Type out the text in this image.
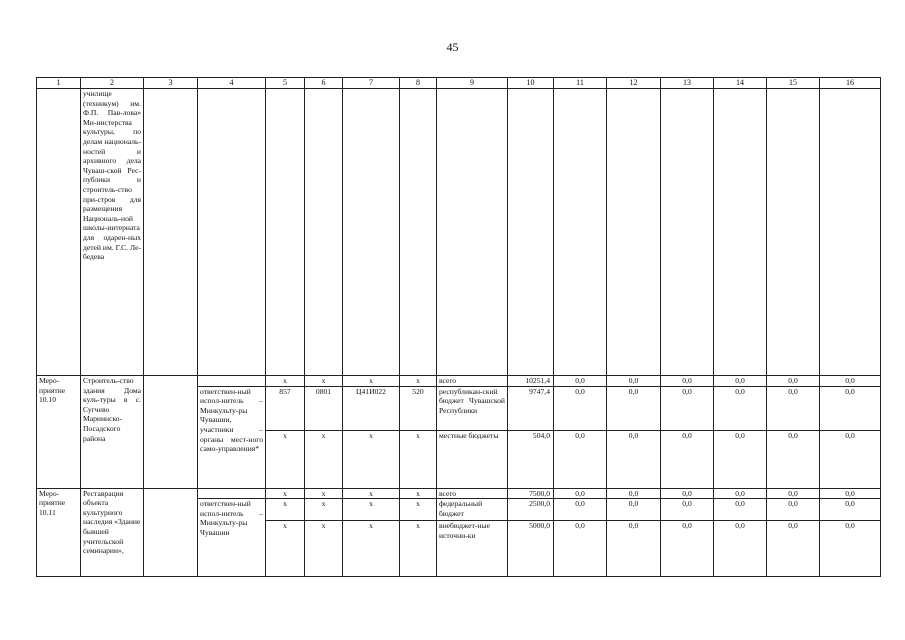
45
1	2	3	4	5	6	7	8	9	10	11	12	13	14	15	16
	училище (техникум) им. Ф.П. Пав-лова» Ми-нистерства культуры, по делам националь-ностей и архивного дела Чуваш-ской Рес-публики и строитель-ство при-строя для размещения Националь-ной школы-интерната для одарен-ных детей им. Г.С. Ле-бедева														
Меро-приятие 10.10	Строитель-ство здания Дома куль-туры в с. Сугчево Мариинско-Посадского района			x	x	x	x	всего	10251,4	0,0	0,0	0,0	0,0	0,0	0,0
			ответствен-ный испол-нитель – Минкульту-ры Чувашии, участники – органы мест-ного само-управления*	857	0801	Ц41И022	520	республикан-ский бюджет Чувашской Республики	9747,4	0,0	0,0	0,0	0,0	0,0	0,0
				x	x	x	x	местные бюджеты	504,0	0,0	0,0	0,0	0,0	0,0	0,0
Меро-приятие 10.11	Реставрация объекта культурного наследия «Здание бывшей учительской семинарии»,			x	x	x	x	всего	7500,0	0,0	0,0	0,0	0,0	0,0	0,0
			ответствен-ный испол-нитель – Минкульту-ры Чувашии	x	x	x	x	федеральный бюджет	2500,0	0,0	0,0	0,0	0,0	0,0	0,0
				x	x	x	x	внебюджет-ные источни-ки	5000,0	0,0	0,0	0,0	0,0	0,0	0,0
